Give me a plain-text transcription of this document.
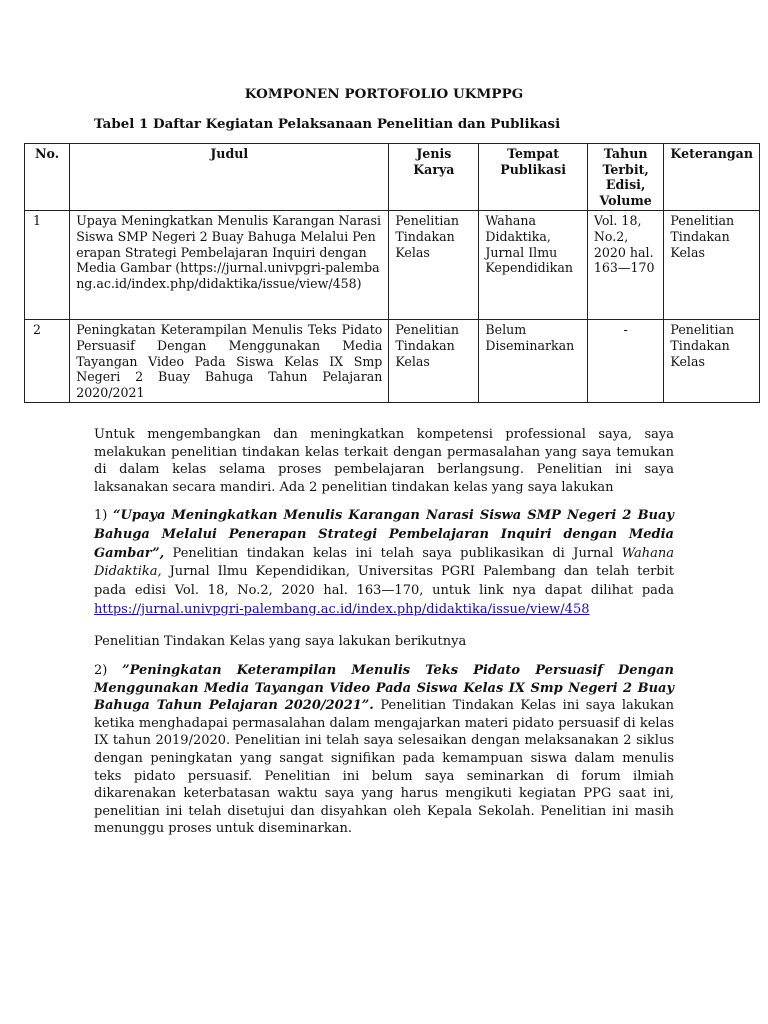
KOMPONEN PORTOFOLIO UKMPPG
Tabel 1 Daftar Kegiatan Pelaksanaan Penelitian dan Publikasi
No.	Judul	Jenis Karya	Tempat Publikasi	Tahun Terbit, Edisi, Volume	Keterangan
1	Upaya Meningkatkan Menulis Karangan Narasi Siswa SMP Negeri 2 Buay Bahuga Melalui Penerapan Strategi Pembelajaran Inquiri dengan Media Gambar (https://jurnal.univpgri-palembang.ac.id/index.php/didaktika/issue/view/458)	Penelitian Tindakan Kelas	Wahana Didaktika, Jurnal Ilmu Kependidikan	Vol. 18, No.2, 2020 hal. 163—170	Penelitian Tindakan Kelas
2	Peningkatan Keterampilan Menulis Teks Pidato Persuasif Dengan Menggunakan Media Tayangan Video Pada Siswa Kelas IX Smp Negeri 2 Buay Bahuga Tahun Pelajaran 2020/2021	Penelitian Tindakan Kelas	Belum Diseminarkan	-	Penelitian Tindakan Kelas
Untuk mengembangkan dan meningkatkan kompetensi professional saya, saya melakukan penelitian tindakan kelas terkait dengan permasalahan yang saya temukan di dalam kelas selama proses pembelajaran berlangsung. Penelitian ini saya laksanakan secara mandiri. Ada 2 penelitian tindakan kelas yang saya lakukan
1) “Upaya Meningkatkan Menulis Karangan Narasi Siswa SMP Negeri 2 Buay Bahuga Melalui Penerapan Strategi Pembelajaran Inquiri dengan Media Gambar”, Penelitian tindakan kelas ini telah saya publikasikan di Jurnal Wahana Didaktika, Jurnal Ilmu Kependidikan, Universitas PGRI Palembang dan telah terbit pada edisi Vol. 18, No.2, 2020 hal. 163—170, untuk link nya dapat dilihat pada https://jurnal.univpgri-palembang.ac.id/index.php/didaktika/issue/view/458
Penelitian Tindakan Kelas yang saya lakukan berikutnya
2) ”Peningkatan Keterampilan Menulis Teks Pidato Persuasif Dengan Menggunakan Media Tayangan Video Pada Siswa Kelas IX Smp Negeri 2 Buay Bahuga Tahun Pelajaran 2020/2021”. Penelitian Tindakan Kelas ini saya lakukan ketika menghadapai permasalahan dalam mengajarkan materi pidato persuasif di kelas IX tahun 2019/2020. Penelitian ini telah saya selesaikan dengan melaksanakan 2 siklus dengan peningkatan yang sangat signifikan pada kemampuan siswa dalam menulis teks pidato persuasif. Penelitian ini belum saya seminarkan di forum ilmiah dikarenakan keterbatasan waktu saya yang harus mengikuti kegiatan PPG saat ini, penelitian ini telah disetujui dan disyahkan oleh Kepala Sekolah. Penelitian ini masih menunggu proses untuk diseminarkan.
